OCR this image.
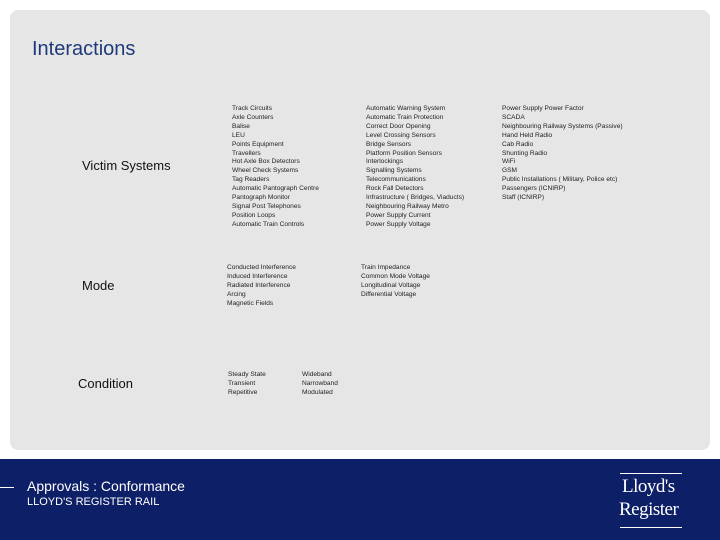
Interactions
Victim Systems
Mode
Condition
Track Circuits
Axle Counters
Balise
LEU
Points Equipment
Travellers
Hot Axle Box Detectors
Wheel Check Systems
Tag Readers
Automatic Pantograph Centre
Pantograph Monitor
Signal Post Telephones
Position Loops
Automatic Train Controls
Automatic Warning System
Automatic Train Protection
Correct Door Opening
Level Crossing Sensors
Bridge Sensors
Platform Position Sensors
Interlockings
Signalling Systems
Telecommunications
Rock Fall Detectors
Infrastructure ( Bridges, Viaducts)
Neighbouring Railway Metro
Power Supply Current
Power Supply Voltage
Power Supply Power Factor
SCADA
Neighbouring Railway Systems (Passive)
Hand Held Radio
Cab Radio
Shunting Radio
WiFi
GSM
Public Installations ( Military, Police etc)
Passengers (ICNIRP)
Staff (ICNIRP)
Conducted Interference
Induced Interference
Radiated Interference
Arcing
Magnetic Fields
Train Impedance
Common Mode Voltage
Longitudinal Voltage
Differential Voltage
Steady State
Transient
Repetitive
Wideband
Narrowband
Modulated
Approvals : Conformance
LLOYD'S REGISTER RAIL
Lloyd's
Register
